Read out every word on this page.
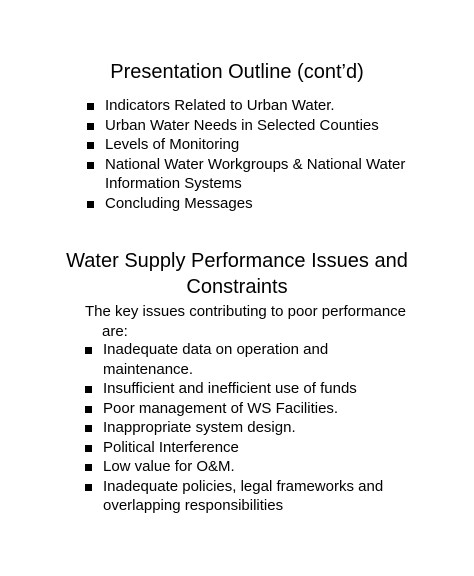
Presentation Outline (cont’d)
Indicators Related to Urban Water.
Urban Water Needs in Selected Counties
Levels of Monitoring
National Water Workgroups & National Water
Information Systems
Concluding Messages
Water Supply Performance Issues and Constraints

The key issues contributing to poor performance
are:

Inadequate data on operation and maintenance.
Insufficient and inefficient use of funds
Poor management of WS Facilities.
Inappropriate system design.
Political Interference
Low value for O&M.
Inadequate policies, legal frameworks and
overlapping responsibilities
